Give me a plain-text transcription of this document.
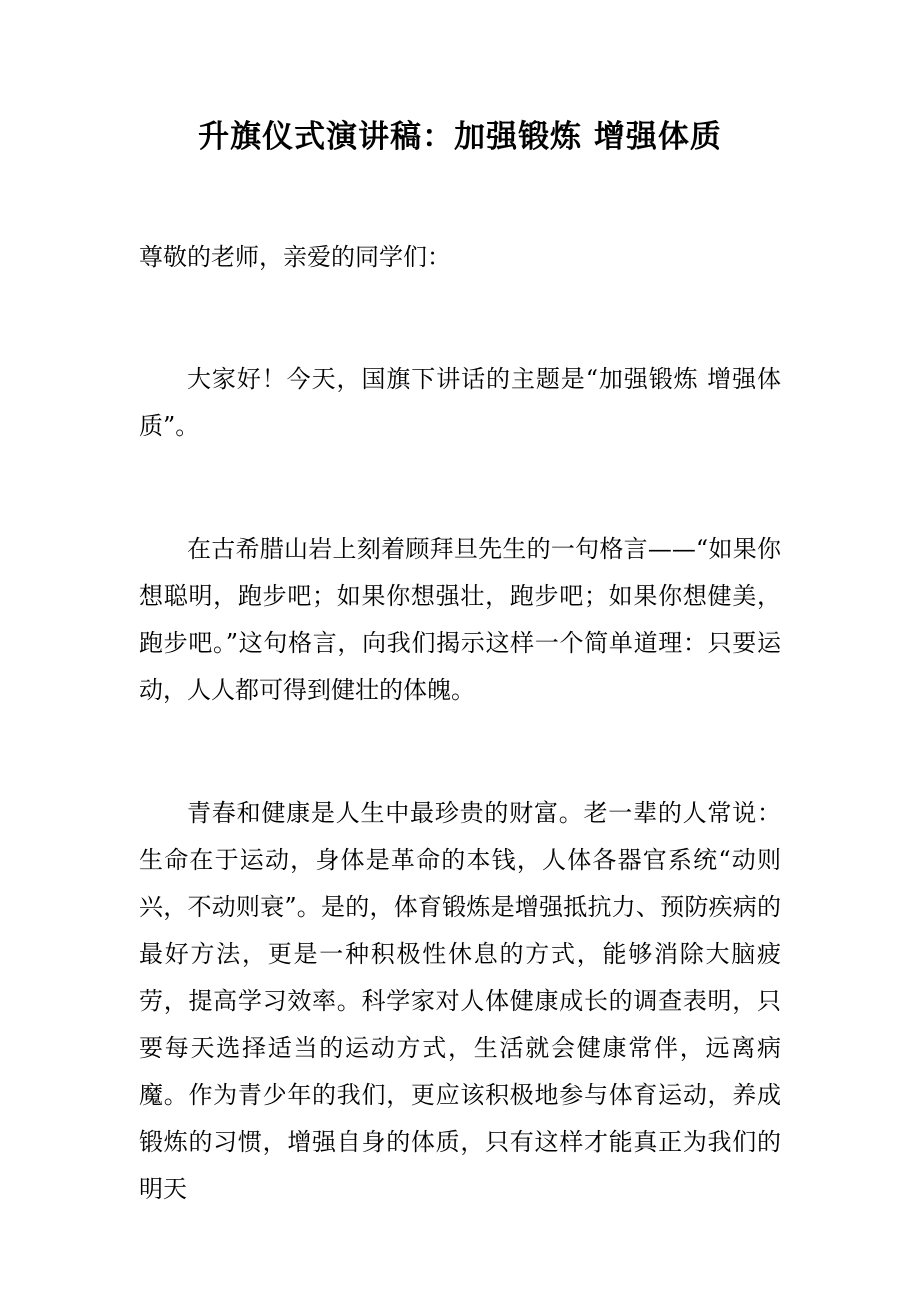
升旗仪式演讲稿：加强锻炼 增强体质

尊敬的老师，亲爱的同学们：

大家好！今天，国旗下讲话的主题是“加强锻炼 增强体质”。

在古希腊山岩上刻着顾拜旦先生的一句格言——“如果你想聪明，跑步吧；如果你想强壮，跑步吧；如果你想健美，跑步吧。”这句格言，向我们揭示这样一个简单道理：只要运动，人人都可得到健壮的体魄。

青春和健康是人生中最珍贵的财富。老一辈的人常说：生命在于运动，身体是革命的本钱，人体各器官系统“动则兴，不动则衰”。是的，体育锻炼是增强抵抗力、预防疾病的最好方法，更是一种积极性休息的方式，能够消除大脑疲劳，提高学习效率。科学家对人体健康成长的调查表明，只要每天选择适当的运动方式，生活就会健康常伴，远离病魔。作为青少年的我们，更应该积极地参与体育运动，养成锻炼的习惯，增强自身的体质，只有这样才能真正为我们的明天
